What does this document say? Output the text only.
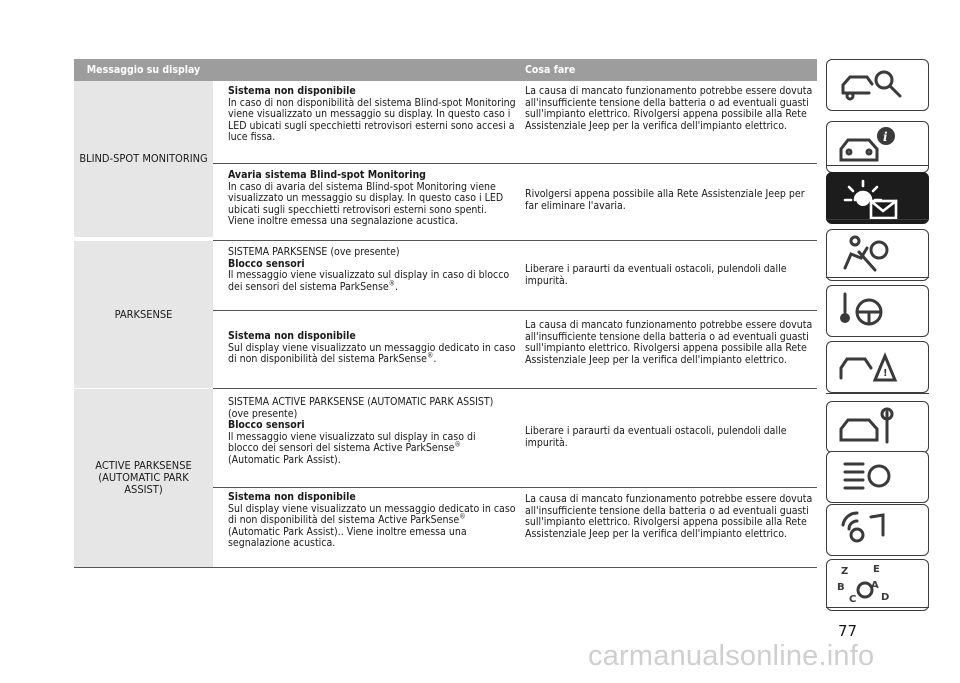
Messaggio su display	Cosa fare
BLIND-SPOT MONITORING
Sistema non disponibile
In caso di non disponibilità del sistema Blind-spot Monitoring viene visualizzato un messaggio su display. In questo caso i LED ubicati sugli specchietti retrovisori esterni sono accesi a luce fissa.
La causa di mancato funzionamento potrebbe essere dovuta all'insufficiente tensione della batteria o ad eventuali guasti sull'impianto elettrico. Rivolgersi appena possibile alla Rete Assistenziale Jeep per la verifica dell'impianto elettrico.
Avaria sistema Blind-spot Monitoring
In caso di avaria del sistema Blind-spot Monitoring viene visualizzato un messaggio su display. In questo caso i LED ubicati sugli specchietti retrovisori esterni sono spenti. Viene inoltre emessa una segnalazione acustica.
Rivolgersi appena possibile alla Rete Assistenziale Jeep per far eliminare l'avaria.
PARKSENSE
SISTEMA PARKSENSE (ove presente)
Blocco sensori
Il messaggio viene visualizzato sul display in caso di blocco dei sensori del sistema ParkSense®.
Liberare i paraurti da eventuali ostacoli, pulendoli dalle impurità.
Sistema non disponibile
Sul display viene visualizzato un messaggio dedicato in caso di non disponibilità del sistema ParkSense®.
La causa di mancato funzionamento potrebbe essere dovuta all'insufficiente tensione della batteria o ad eventuali guasti sull'impianto elettrico. Rivolgersi appena possibile alla Rete Assistenziale Jeep per la verifica dell'impianto elettrico.
ACTIVE PARKSENSE (AUTOMATIC PARK ASSIST)
SISTEMA ACTIVE PARKSENSE (AUTOMATIC PARK ASSIST) (ove presente)
Blocco sensori
Il messaggio viene visualizzato sul display in caso di blocco dei sensori del sistema Active ParkSense® (Automatic Park Assist).
Liberare i paraurti da eventuali ostacoli, pulendoli dalle impurità.
Sistema non disponibile
Sul display viene visualizzato un messaggio dedicato in caso di non disponibilità del sistema Active ParkSense® (Automatic Park Assist).. Viene inoltre emessa una segnalazione acustica.
La causa di mancato funzionamento potrebbe essere dovuta all'insufficiente tensione della batteria o ad eventuali guasti sull'impianto elettrico. Rivolgersi appena possibile alla Rete Assistenziale Jeep per la verifica dell'impianto elettrico.
i
!
Z E
B	A
C D
77
carmanualsonline.info
